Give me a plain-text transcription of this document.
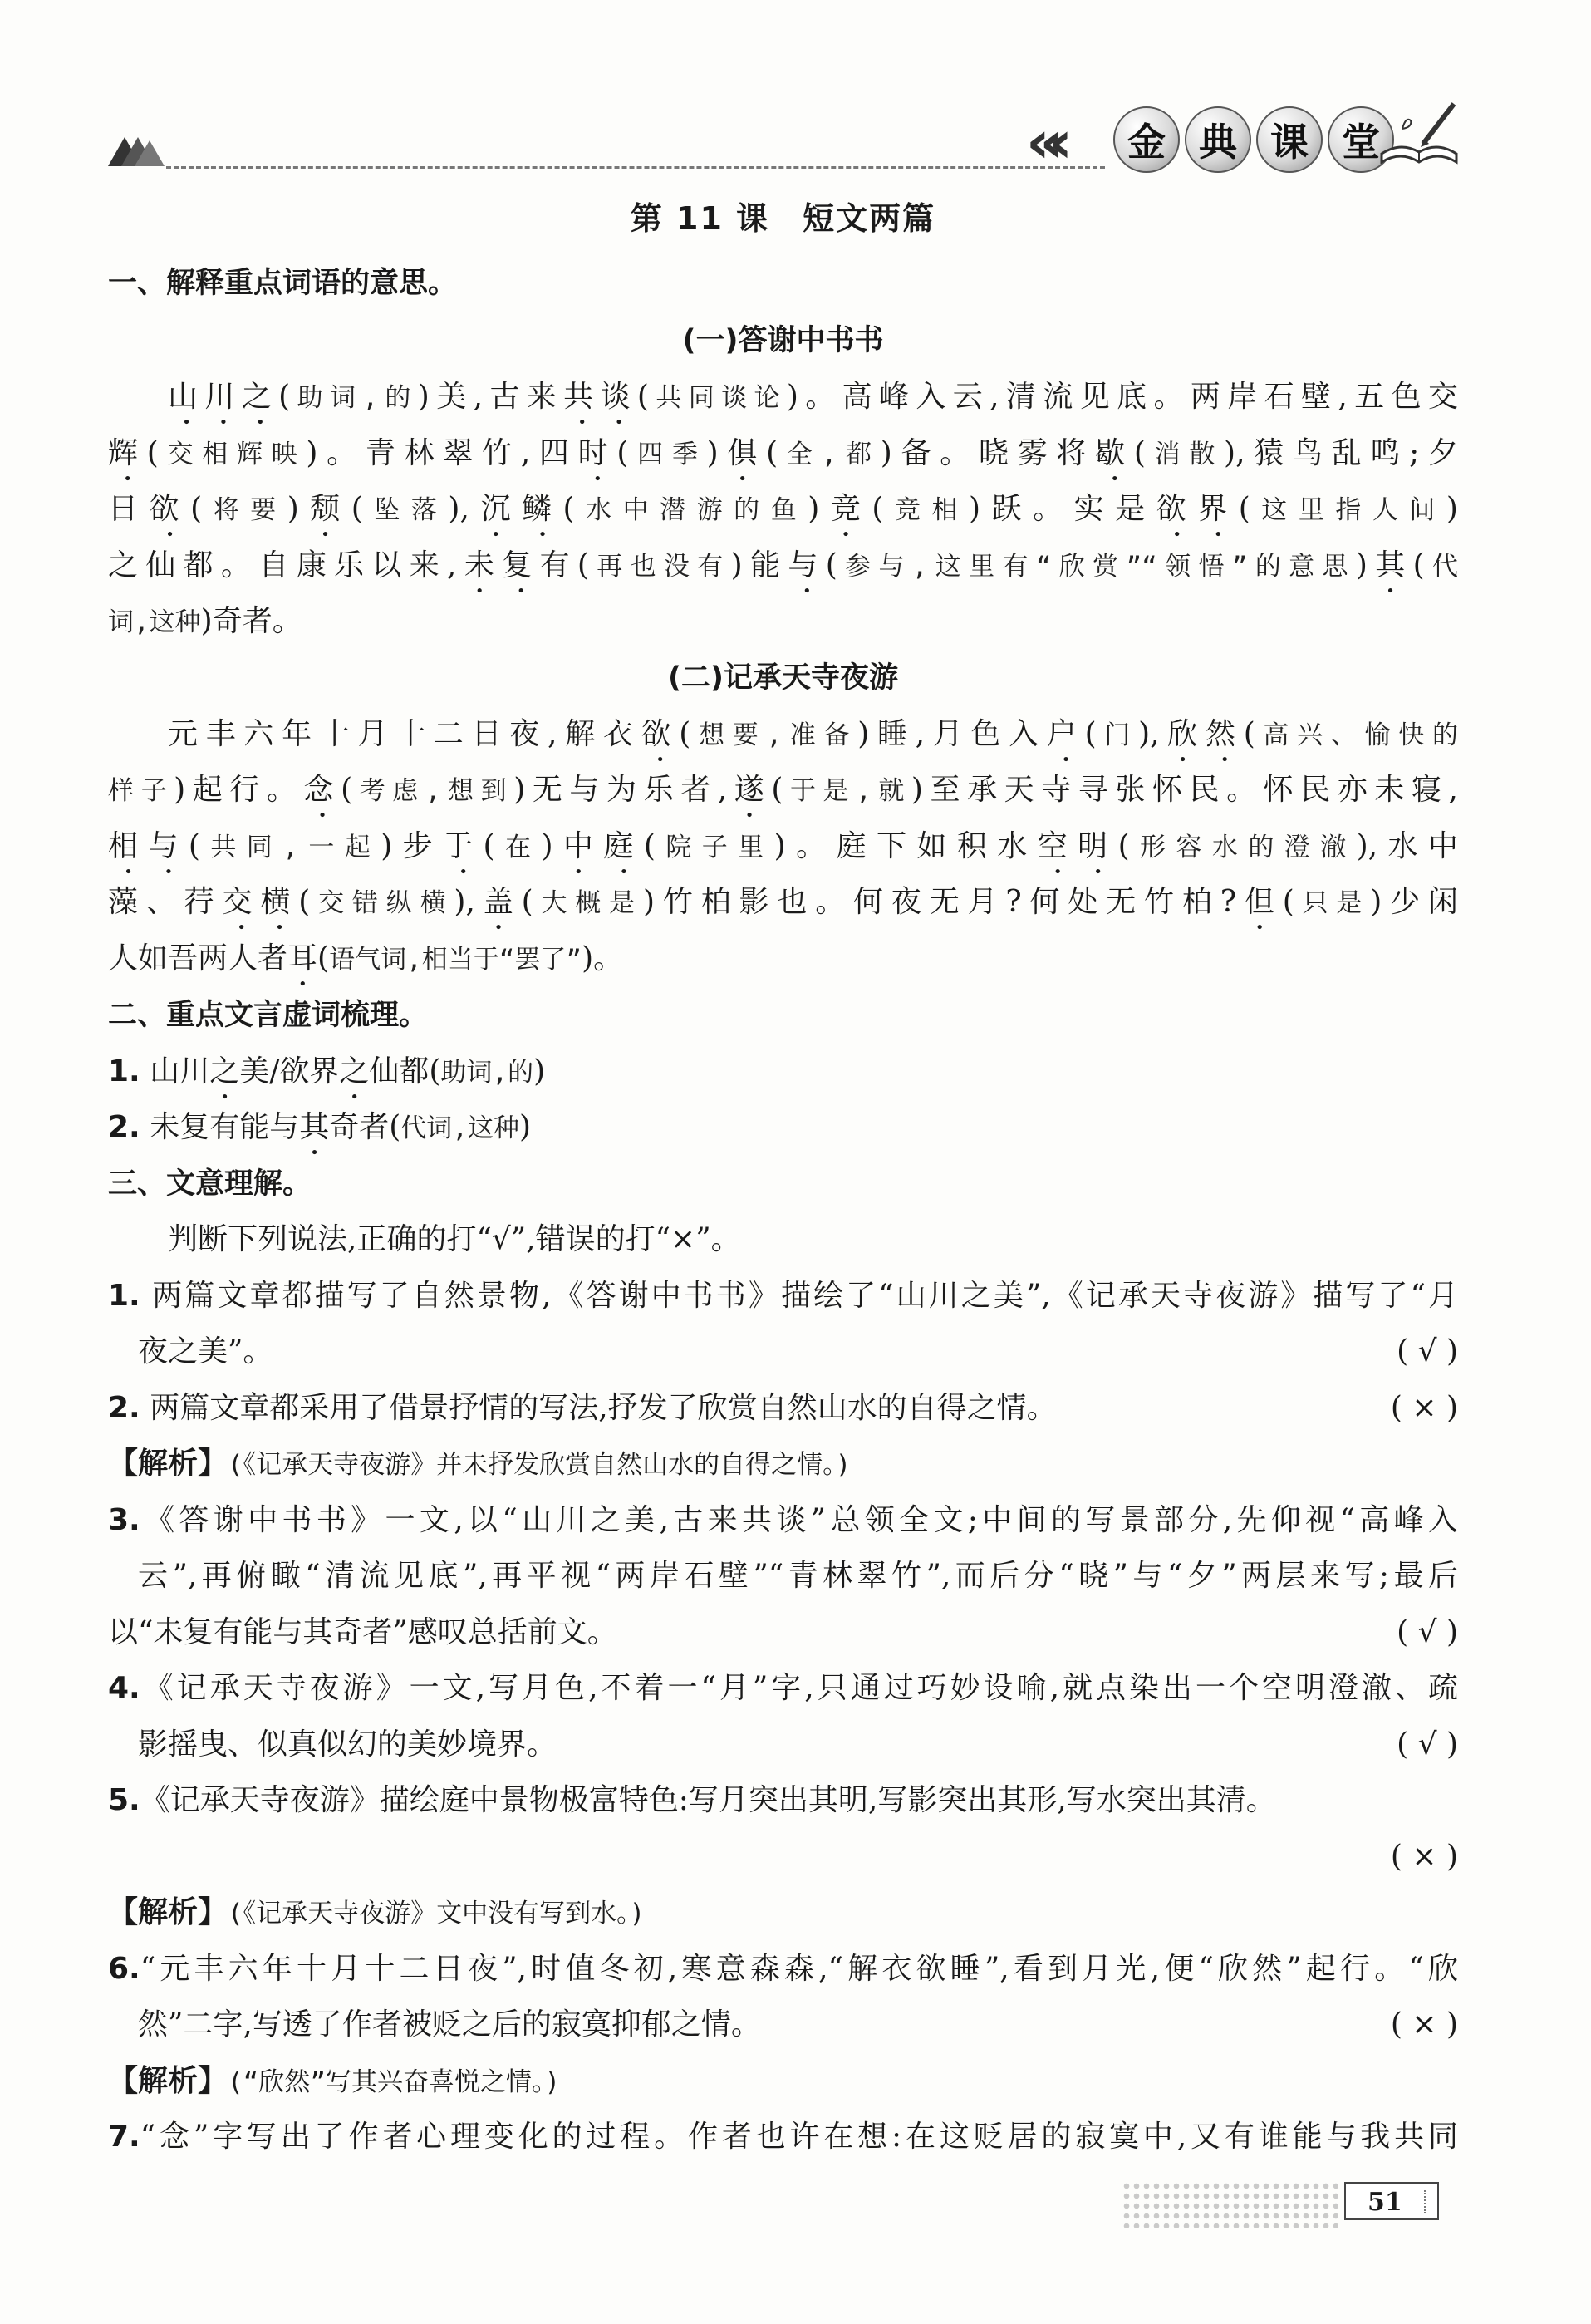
«‹	金 典 课 堂
第 11 课　短文两篇
一、解释重点词语的意思。
(一)答谢中书书
山川之(助词,的)美,古来共谈(共同谈论)。高峰入云,清流见底。两岸石壁,五色交
辉(交相辉映)。青林翠竹,四时(四季)俱(全,都)备。晓雾将歇(消散),猿鸟乱鸣;夕
日欲(将要)颓(坠落),沉鳞(水中潜游的鱼)竞(竞相)跃。实是欲界(这里指人间)
之仙都。自康乐以来,未复有(再也没有)能与(参与,这里有“欣赏”“领悟”的意思)其(代
词,这种)奇者。
(二)记承天寺夜游
元丰六年十月十二日夜,解衣欲(想要,准备)睡,月色入户(门),欣然(高兴、愉快的
样子)起行。念(考虑,想到)无与为乐者,遂(于是,就)至承天寺寻张怀民。怀民亦未寝,
相与(共同,一起)步于(在)中庭(院子里)。庭下如积水空明(形容水的澄澈),水中
藻、荇交横(交错纵横),盖(大概是)竹柏影也。何夜无月?何处无竹柏?但(只是)少闲
人如吾两人者耳(语气词,相当于“罢了”)。
二、重点文言虚词梳理。
1. 山川之美/欲界之仙都(助词,的)
2. 未复有能与其奇者(代词,这种)
三、文意理解。
判断下列说法,正确的打“√”,错误的打“×”。
1. 两篇文章都描写了自然景物,《答谢中书书》描绘了“山川之美”,《记承天寺夜游》描写了“月
夜之美”。	( √ )
2. 两篇文章都采用了借景抒情的写法,抒发了欣赏自然山水的自得之情。	( × )
【解析】(《记承天寺夜游》并未抒发欣赏自然山水的自得之情。)
3.《答谢中书书》一文,以“山川之美,古来共谈”总领全文;中间的写景部分,先仰视“高峰入
云”,再俯瞰“清流见底”,再平视“两岸石壁”“青林翠竹”,而后分“晓”与“夕”两层来写;最后
以“未复有能与其奇者”感叹总括前文。	( √ )
4.《记承天寺夜游》一文,写月色,不着一“月”字,只通过巧妙设喻,就点染出一个空明澄澈、疏
影摇曳、似真似幻的美妙境界。	( √ )
5.《记承天寺夜游》描绘庭中景物极富特色:写月突出其明,写影突出其形,写水突出其清。
( × )
【解析】(《记承天寺夜游》文中没有写到水。)
6.“元丰六年十月十二日夜”,时值冬初,寒意森森,“解衣欲睡”,看到月光,便“欣然”起行。“欣
然”二字,写透了作者被贬之后的寂寞抑郁之情。	( × )
【解析】(“欣然”写其兴奋喜悦之情。)
7.“念”字写出了作者心理变化的过程。作者也许在想:在这贬居的寂寞中,又有谁能与我共同
51
